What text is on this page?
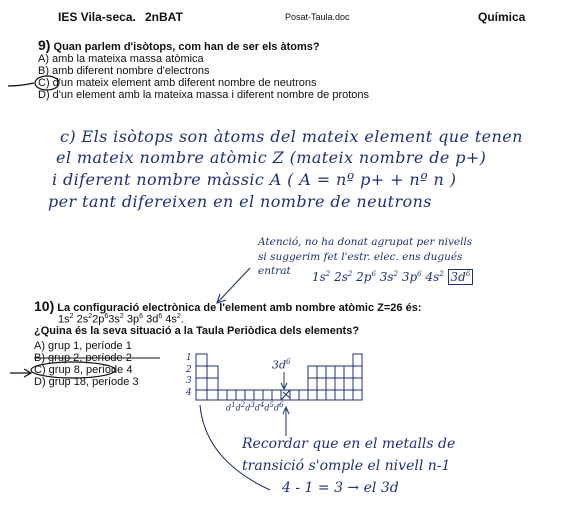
IES Vila-seca. 2nBAT	Posat-Taula.doc	Química
9) Quan parlem d'isòtops, com han de ser els àtoms?
A) amb la mateixa massa atòmica
B) amb diferent nombre d'electrons
C) d'un mateix element amb diferent nombre de neutrons
D) d'un element amb la mateixa massa i diferent nombre de protons
c) Els isòtops son àtoms del mateix element que tenen
el mateix nombre atòmic Z (mateix nombre de p+)
i diferent nombre màssic A ( A = nº p+ + nº n )
per tant difereixen en el nombre de neutrons
Atenció, no ha donat agrupat per nivells
si suggerim fet l'estr. elec. ens dugués
entrat $1s^2$ $2s^2$ $2p^6$ $3s^2$ $3p^6$ $4s^2$ $3d^6$
10) La configuració electrònica de l'element amb nombre atòmic Z=26 és:
$1s^2$ $2s^22p^63s^2$ $3p^6$ $3d^6$ $4s^2$.
¿Quina és la seva situació a la Taula Periòdica dels elements?
A) grup 1, període 1
B) grup 2, període 2
C) grup 8, període 4
D) grup 18, període 3
1
2
3
4
$3d^6$
$d^1d^2d^3d^4d^5d^6$
Recordar que en el metalls de
transició s'omple el nivell n-1
4 - 1 = 3 → el 3d
